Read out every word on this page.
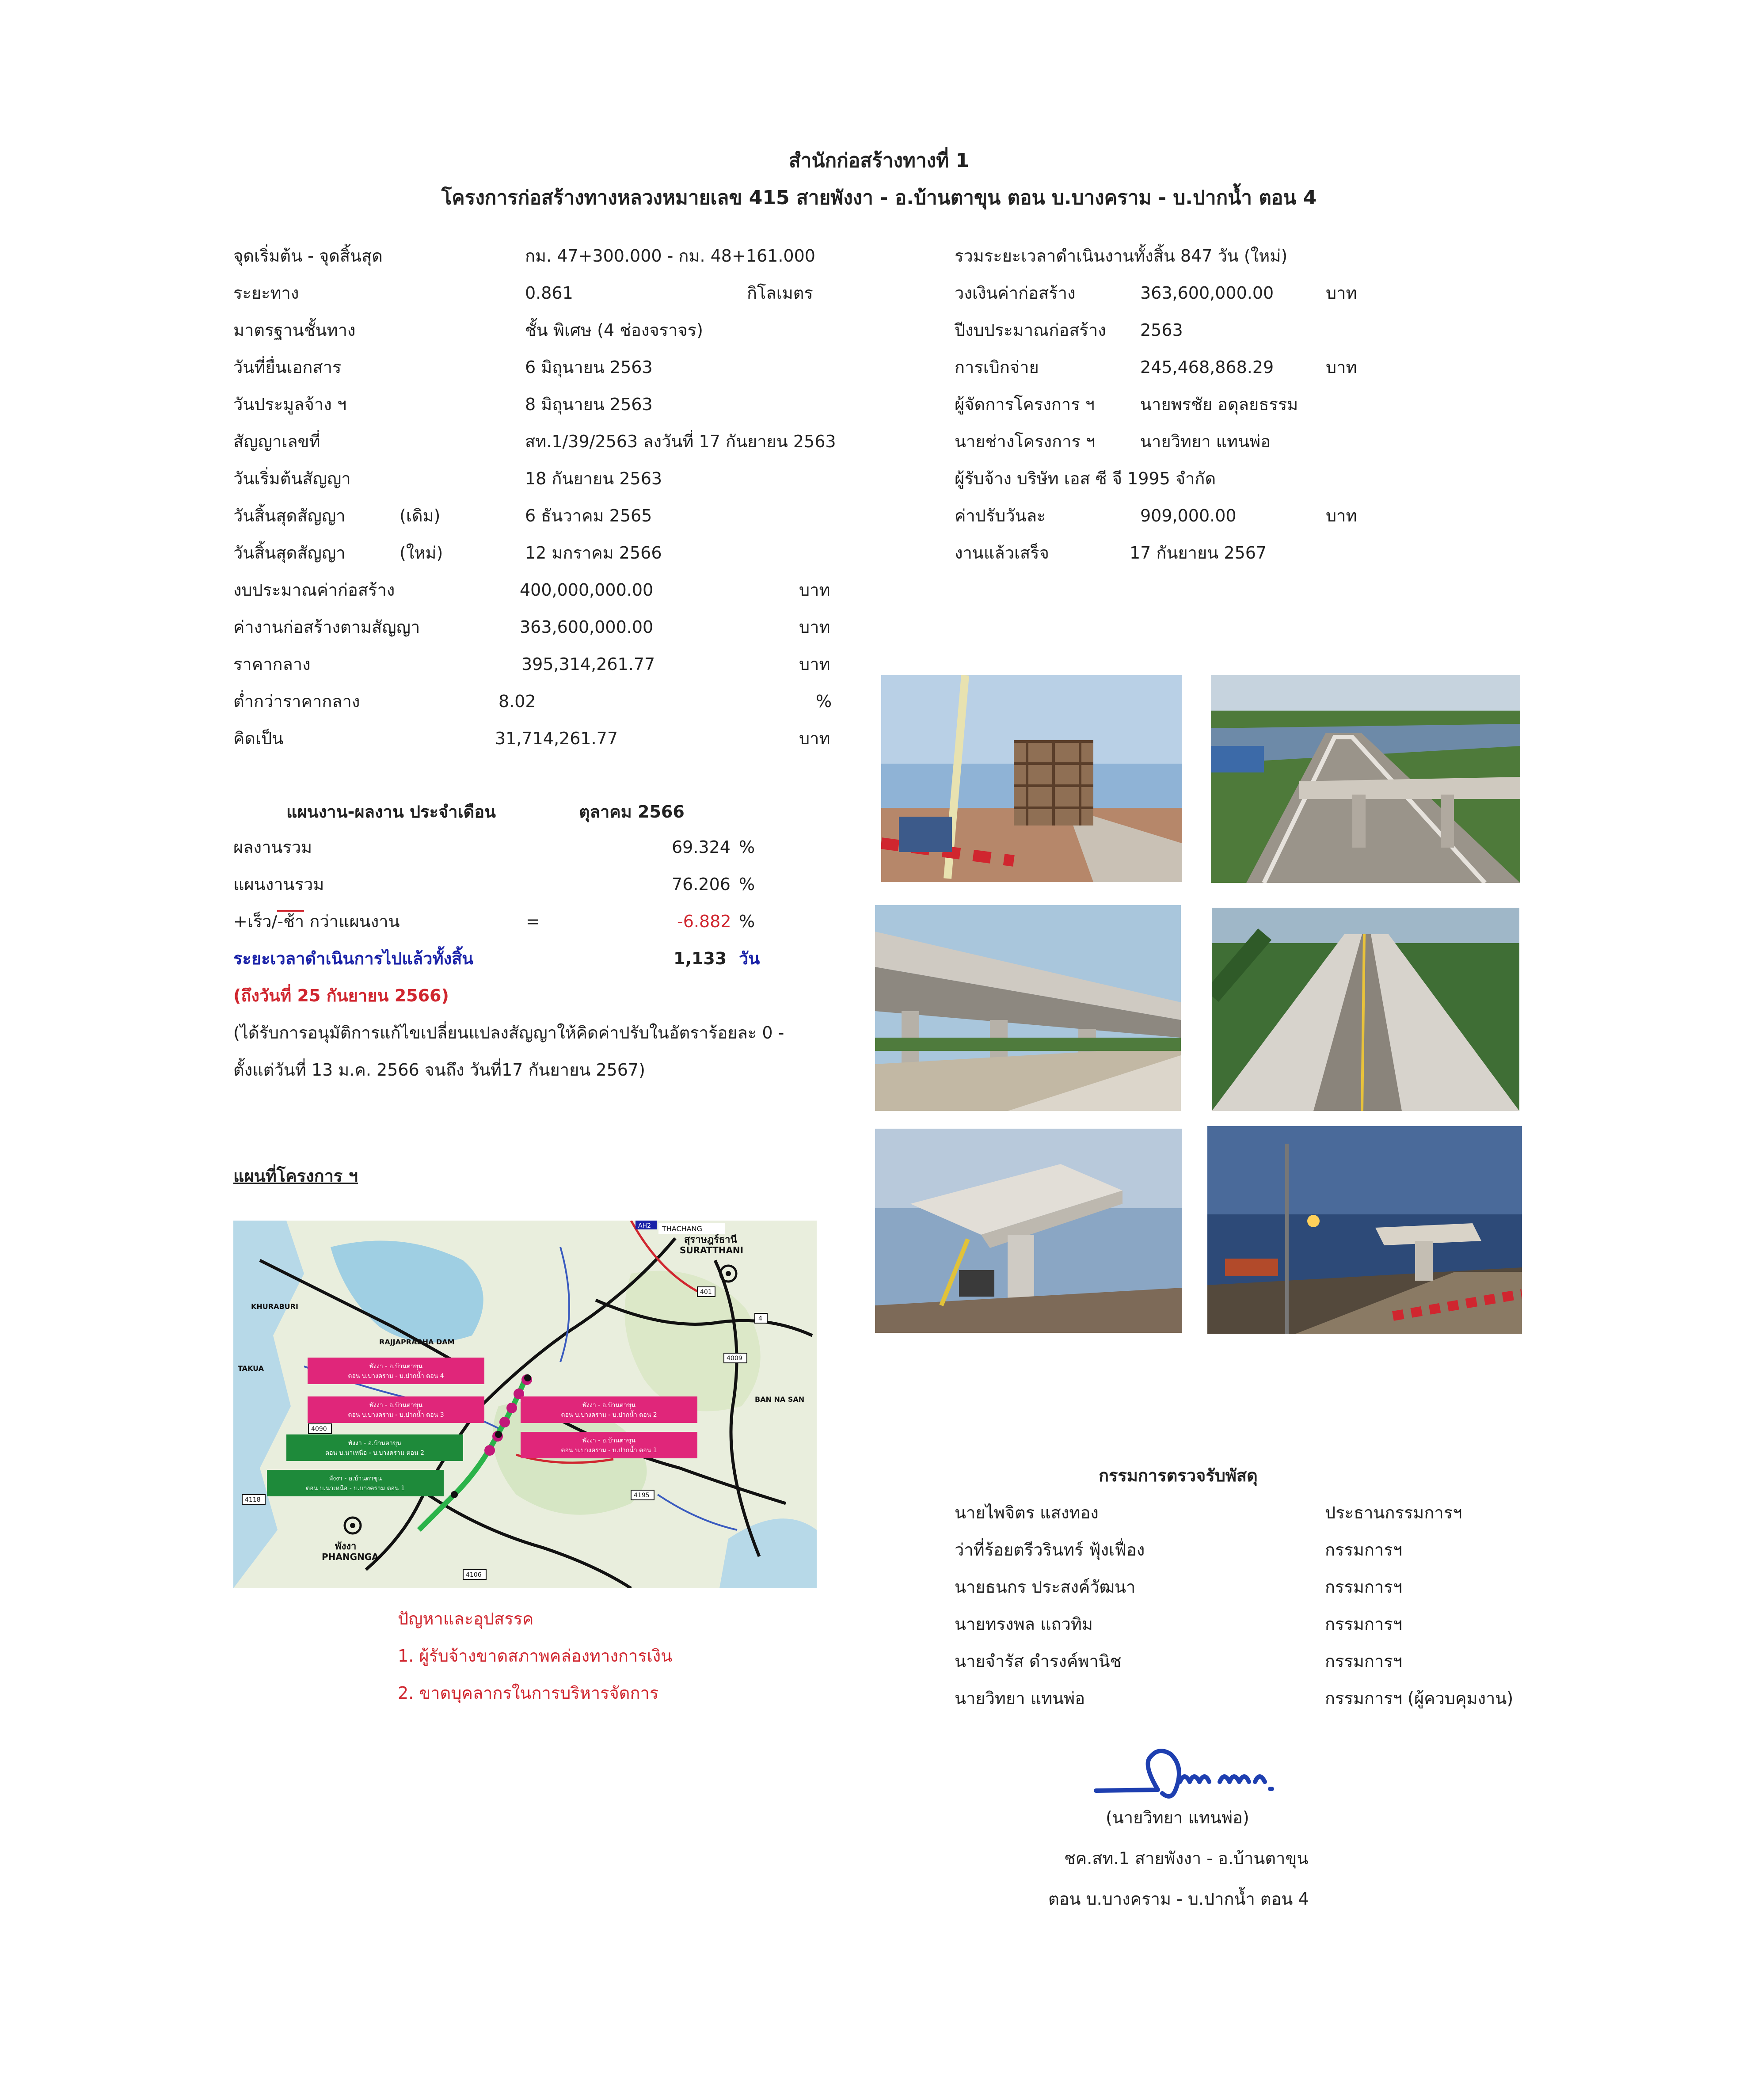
สำนักก่อสร้างทางที่ 1
โครงการก่อสร้างทางหลวงหมายเลข 415 สายพังงา - อ.บ้านตาขุน ตอน บ.บางคราม - บ.ปากน้ำ ตอน 4
จุดเริ่มต้น - จุดสิ้นสุด	กม. 47+300.000 - กม. 48+161.000
ระยะทาง	0.861	กิโลเมตร
มาตรฐานชั้นทาง	ชั้น พิเศษ (4 ช่องจราจร)
วันที่ยื่นเอกสาร	6 มิถุนายน 2563
วันประมูลจ้าง ฯ	8 มิถุนายน 2563
สัญญาเลขที่	สท.1/39/2563 ลงวันที่ 17 กันยายน 2563
วันเริ่มต้นสัญญา	18 กันยายน 2563
วันสิ้นสุดสัญญา	(เดิม)	6 ธันวาคม 2565
วันสิ้นสุดสัญญา	(ใหม่)	12 มกราคม 2566
งบประมาณค่าก่อสร้าง	400,000,000.00	บาท
ค่างานก่อสร้างตามสัญญา	363,600,000.00	บาท
ราคากลาง	395,314,261.77	บาท
ต่ำกว่าราคากลาง	8.02	%
คิดเป็น	31,714,261.77	บาท
รวมระยะเวลาดำเนินงานทั้งสิ้น 847 วัน (ใหม่)
วงเงินค่าก่อสร้าง	363,600,000.00	บาท
ปีงบประมาณก่อสร้าง 2563
การเบิกจ่าย	245,468,868.29	บาท
ผู้จัดการโครงการ ฯ	นายพรชัย อดุลยธรรม
นายช่างโครงการ ฯ	นายวิทยา แทนพ่อ
ผู้รับจ้าง บริษัท เอส ซี จี 1995 จำกัด
ค่าปรับวันละ	909,000.00	บาท
งานแล้วเสร็จ	17 กันยายน 2567
แผนงาน-ผลงาน ประจำเดือน	ตุลาคม 2566
ผลงานรวม	69.324 %
แผนงานรวม	76.206 %
+เร็ว/-ช้า กว่าแผนงาน	=	-6.882 %
ระยะเวลาดำเนินการไปแล้วทั้งสิ้น	1,133 วัน
(ถึงวันที่ 25 กันยายน 2566)
(ได้รับการอนุมัติการแก้ไขเปลี่ยนแปลงสัญญาให้คิดค่าปรับในอัตราร้อยละ 0 -
ตั้งแต่วันที่ 13 ม.ค. 2566 จนถึง วันที่17 กันยายน 2567)
แผนที่โครงการ ฯ
THACHANG
สุราษฎร์ธานี
SURATTHANI
AH2
KHURABURI
TAKUA
RAJJAPRABHA DAM
BAN NA SAN
พังงา
PHANGNGA
4
401
4009
4090
4195
4118
4106
พังงา - อ.บ้านตาขุน
ตอน บ.บางคราม - บ.ปากน้ำ ตอน 4
พังงา - อ.บ้านตาขุน
ตอน บ.บางคราม - บ.ปากน้ำ ตอน 3
พังงา - อ.บ้านตาขุน
ตอน บ.บางคราม - บ.ปากน้ำ ตอน 2
พังงา - อ.บ้านตาขุน
ตอน บ.บางคราม - บ.ปากน้ำ ตอน 1
พังงา - อ.บ้านตาขุน
ตอน บ.นาเหนือ - บ.บางคราม ตอน 2
พังงา - อ.บ้านตาขุน
ตอน บ.นาเหนือ - บ.บางคราม ตอน 1
ปัญหาและอุปสรรค
1. ผู้รับจ้างขาดสภาพคล่องทางการเงิน
2. ขาดบุคลากรในการบริหารจัดการ
กรรมการตรวจรับพัสดุ
นายไพจิตร แสงทอง	ประธานกรรมการฯ
ว่าที่ร้อยตรีวรินทร์ ฟุ้งเฟื่อง	กรรมการฯ
นายธนกร ประสงค์วัฒนา	กรรมการฯ
นายทรงพล แถวทิม	กรรมการฯ
นายจำรัส ดำรงค์พานิช	กรรมการฯ
นายวิทยา แทนพ่อ	กรรมการฯ (ผู้ควบคุมงาน)
(นายวิทยา แทนพ่อ)
ชค.สท.1 สายพังงา - อ.บ้านตาขุน
ตอน บ.บางคราม - บ.ปากน้ำ ตอน 4
